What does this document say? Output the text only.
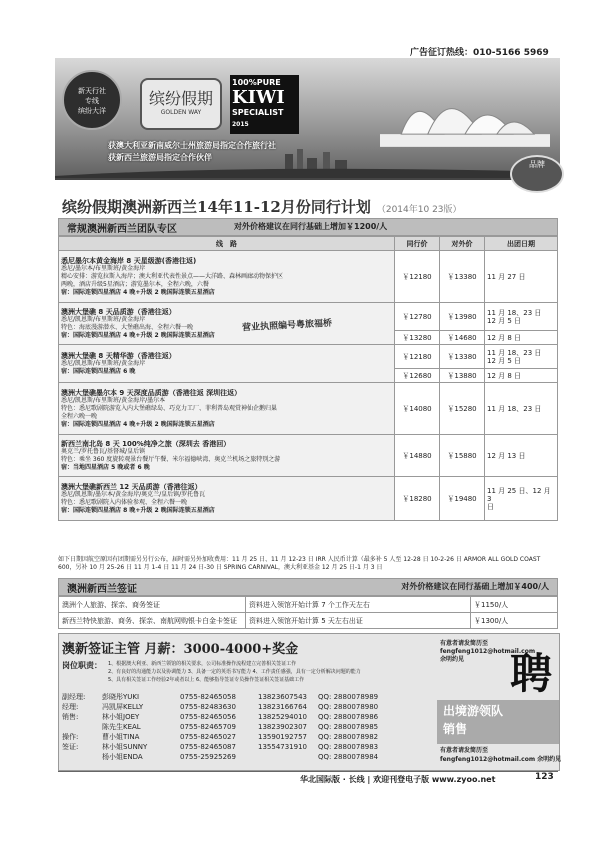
广告征订热线：010-5166 5969
新天行社
专线
缤纷大洋
缤纷假期
GOLDEN WAY
100%PURE
KIWI
SPECIALIST
2015
获澳大利亚新南威尔士州旅游局指定合作旅行社
获新西兰旅游局指定合作伙伴
品牌
缤纷假期澳洲新西兰14年11-12月份同行计划 （2014年10 23版）
常规澳洲新西兰团队专区	对外价格建议在同行基础上增加￥1200/人
线　路	同行价	对外价	出团日期

悉尼墨尔本黄金海岸 8 天星级游(香港往返)
悉尼/墨尔本/布里斯班/黄金海岸
精心安排：游览拉斯入海岸；澳大利亚代表性景点——大洋路、森林画廊动物保护区
两晚，酒店升级5星酒店；游览墨尔本，全程六晚，六餐
宿：国际连锁四星酒店 4 晚+升级 2 晚国际连锁五星酒店	￥12180	￥13380	11 月 27 日

澳洲大堡礁 8 天品质游（香港往返）
悉尼/凯恩斯/布里斯班/黄金海岸
特色：海底漫游潜水、大堡礁出海、全程六餐一晚
宿：国际连锁四星酒店 4 晚+升级 2 晚国际连锁五星酒店	￥12780	￥13980	11 月 18、23 日
12 月 5 日
	￥13280	￥14680	12 月 8 日

澳洲大堡礁 8 天精华游（香港往返）
悉尼/凯恩斯/布里斯班/黄金海岸
宿：国际连锁四星酒店 6 晚	￥12180	￥13380	11 月 18、23 日
12 月 5 日
	￥12680	￥13880	12 月 8 日

澳洲大堡礁墨尔本 9 天深度品质游（香港往返 深圳往返）
悉尼/凯恩斯/布里斯班/黄金海岸/墨尔本
特色：悉尼歌剧院游览入内大堡礁绿岛、巧克力工厂、菲利普岛观赏神仙企鹅归巢
全程六晚一晚
宿：国际连锁四星酒店 4 晚+升级 2 晚国际连锁五星酒店	￥14080	￥15280	11 月 18、23 日

新西兰南北岛 8 天 100%纯净之旅（深圳去 香港回）
奥克兰/罗托鲁瓦/基督城/皇后镇
特色：乘坐 360 度旋转观景台餐厅午餐、米尔福德峡湾、奥克兰机场之旅特别之游
宿：当地四星酒店 5 晚或者 6 晚	￥14880	￥15880	12 月 13 日

澳洲大堡礁新西兰 12 天品质游（香港往返）
悉尼/凯恩斯/墨尔本/黄金海岸/奥克兰/皇后镇/罗托鲁瓦
特色：悉尼歌剧院入内体验参观、全程六餐一晚
宿：国际连锁四星酒店 8 晚+升级 2 晚国际连锁五星酒店	￥18280	￥19480	11 月 25 日、12 月 3
日
营业执照编号粤旅福桥
如下日期因航空原因有团期需另另行公布，届时需另外加收费用：11 月 25 日、11 月 12-23 日 IRR 人民币计算（最多补 5 人至 12-28 日 10-2-26 日 ARMOR ALL GOLD COAST 600，另补 10 月 25-26 日 11 月 1-4 日 11 月 24 日-30 日 SPRING CARNIVAL，澳大利亚基金 12 月 25 日-1 月 3 日
澳洲新西兰签证	对外价格建议在同行基础上增加￥400/人
澳洲个人旅游、探亲、商务签证	资料进入领馆开始计算 7 个工作天左右	￥1150/人
新西兰特快旅游、商务、探亲、南航网购银卡白金卡签证	资料进入领馆开始计算 5 天左右出证	￥1300/人
澳新签证主管 月薪：3000-4000+奖金
岗位职责： 1、根据澳大利亚、新西兰领馆的相关要求，公司标准操作流程建立完善相关签证工作
2、有良好的沟通能力以及协调能力 3、具备一定的英语书写能力 4、工作责任感强，具有一定分析解决问题的能力
5、具有相关签证工作经验2年或者以上 6、能够指导签证专员操作签证相关签证基础工作
有意者请发简历至
fengfeng1012@hotmail.com 余明约见	聘
出境游领队
销售
有意者请发简历至
fengfeng1012@hotmail.com 余明约见
副经理:	彭晓彤YUKI	0755-82465058	13823607543	QQ: 2880078989
经理:	冯凯屏KELLY	0755-82483630	13823166764	QQ: 2880078980
销售:	林小姐JOEY	0755-82465056	13825294010	QQ: 2880078986
陈先生KEAL	0755-82465709	13823902307	QQ: 2880078985
操作:	曹小姐TINA	0755-82465027	13590192757	QQ: 2880078982
签证:	林小姐SUNNY	0755-82465087	13554731910	QQ: 2880078983
杨小姐ENDA	0755-25925269	QQ: 2880078984
华北国际版 · 长线 | 欢迎刊登电子版 www.zyoo.net	123
